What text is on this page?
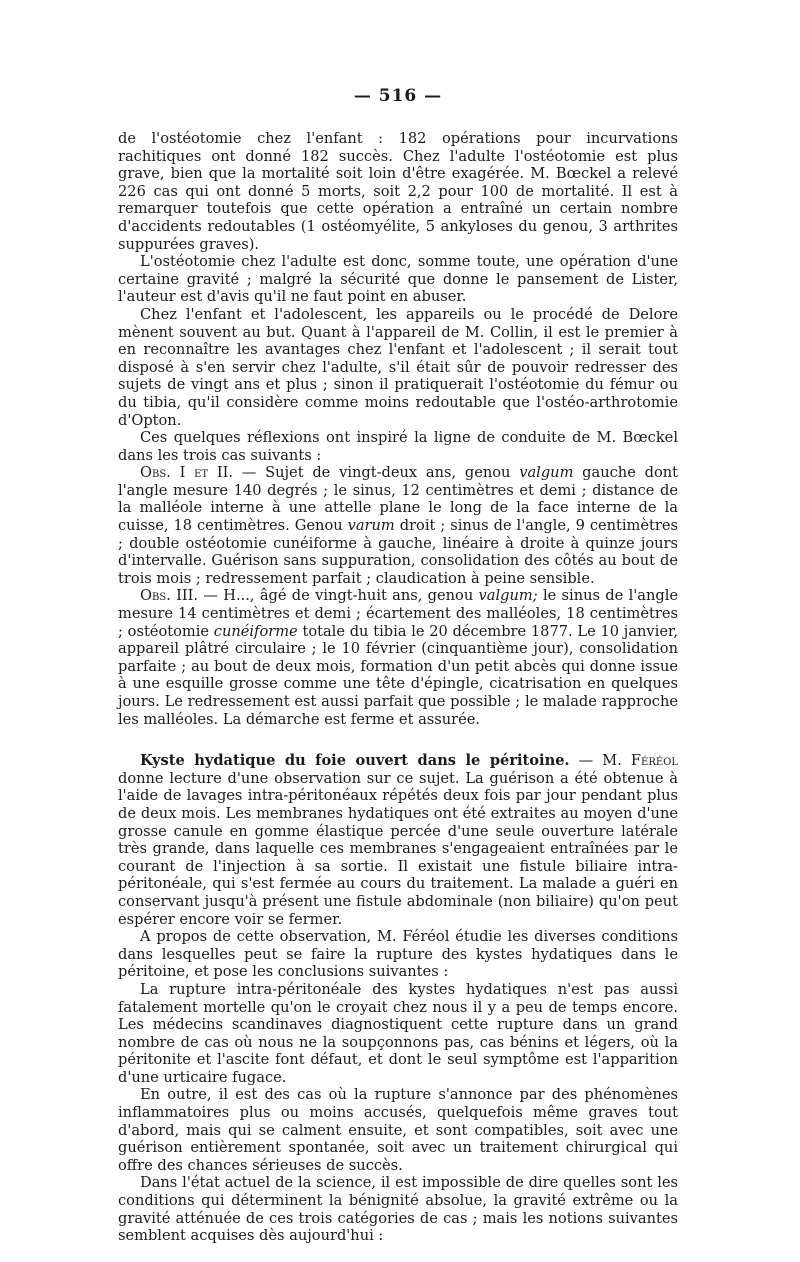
— 516 —

de l'ostéotomie chez l'enfant : 182 opérations pour incurvations rachitiques ont donné 182 succès. Chez l'adulte l'ostéotomie est plus grave, bien que la mortalité soit loin d'être exagérée. M. Bœckel a relevé 226 cas qui ont donné 5 morts, soit 2,2 pour 100 de mortalité. Il est à remarquer toutefois que cette opération a entraîné un certain nombre d'accidents redoutables (1 ostéomyélite, 5 ankyloses du genou, 3 arthrites suppurées graves).

L'ostéotomie chez l'adulte est donc, somme toute, une opération d'une certaine gravité ; malgré la sécurité que donne le pansement de Lister, l'auteur est d'avis qu'il ne faut point en abuser.

Chez l'enfant et l'adolescent, les appareils ou le procédé de Delore mènent souvent au but. Quant à l'appareil de M. Collin, il est le premier à en reconnaître les avantages chez l'enfant et l'adolescent ; il serait tout disposé à s'en servir chez l'adulte, s'il était sûr de pouvoir redresser des sujets de vingt ans et plus ; sinon il pratiquerait l'ostéotomie du fémur ou du tibia, qu'il considère comme moins redoutable que l'ostéo-arthrotomie d'Opton.

Ces quelques réflexions ont inspiré la ligne de conduite de M. Bœckel dans les trois cas suivants :

Obs. I et II. — Sujet de vingt-deux ans, genou valgum gauche dont l'angle mesure 140 degrés ; le sinus, 12 centimètres et demi ; distance de la malléole interne à une attelle plane le long de la face interne de la cuisse, 18 centimètres. Genou varum droit ; sinus de l'angle, 9 centimètres ; double ostéotomie cunéiforme à gauche, linéaire à droite à quinze jours d'intervalle. Guérison sans suppuration, consolidation des côtés au bout de trois mois ; redressement parfait ; claudication à peine sensible.

Obs. III. — H..., âgé de vingt-huit ans, genou valgum; le sinus de l'angle mesure 14 centimètres et demi ; écartement des malléoles, 18 centimètres ; ostéotomie cunéiforme totale du tibia le 20 décembre 1877. Le 10 janvier, appareil plâtré circulaire ; le 10 février (cinquantième jour), consolidation parfaite ; au bout de deux mois, formation d'un petit abcès qui donne issue à une esquille grosse comme une tête d'épingle, cicatrisation en quelques jours. Le redressement est aussi parfait que possible ; le malade rapproche les malléoles. La démarche est ferme et assurée.

Kyste hydatique du foie ouvert dans le péritoine. — M. Féréol donne lecture d'une observation sur ce sujet. La guérison a été obtenue à l'aide de lavages intra-péritonéaux répétés deux fois par jour pendant plus de deux mois. Les membranes hydatiques ont été extraites au moyen d'une grosse canule en gomme élastique percée d'une seule ouverture latérale très grande, dans laquelle ces membranes s'engageaient entraînées par le courant de l'injection à sa sortie. Il existait une fistule biliaire intra-péritonéale, qui s'est fermée au cours du traitement. La malade a guéri en conservant jusqu'à présent une fistule abdominale (non biliaire) qu'on peut espérer encore voir se fermer.

A propos de cette observation, M. Féréol étudie les diverses conditions dans lesquelles peut se faire la rupture des kystes hydatiques dans le péritoine, et pose les conclusions suivantes :

La rupture intra-péritonéale des kystes hydatiques n'est pas aussi fatalement mortelle qu'on le croyait chez nous il y a peu de temps encore. Les médecins scandinaves diagnostiquent cette rupture dans un grand nombre de cas où nous ne la soupçonnons pas, cas bénins et légers, où la péritonite et l'ascite font défaut, et dont le seul symptôme est l'apparition d'une urticaire fugace.

En outre, il est des cas où la rupture s'annonce par des phénomènes inflammatoires plus ou moins accusés, quelquefois même graves tout d'abord, mais qui se calment ensuite, et sont compatibles, soit avec une guérison entièrement spontanée, soit avec un traitement chirurgical qui offre des chances sérieuses de succès.

Dans l'état actuel de la science, il est impossible de dire quelles sont les conditions qui déterminent la bénignité absolue, la gravité extrême ou la gravité atténuée de ces trois catégories de cas ; mais les notions suivantes semblent acquises dès aujourd'hui :
